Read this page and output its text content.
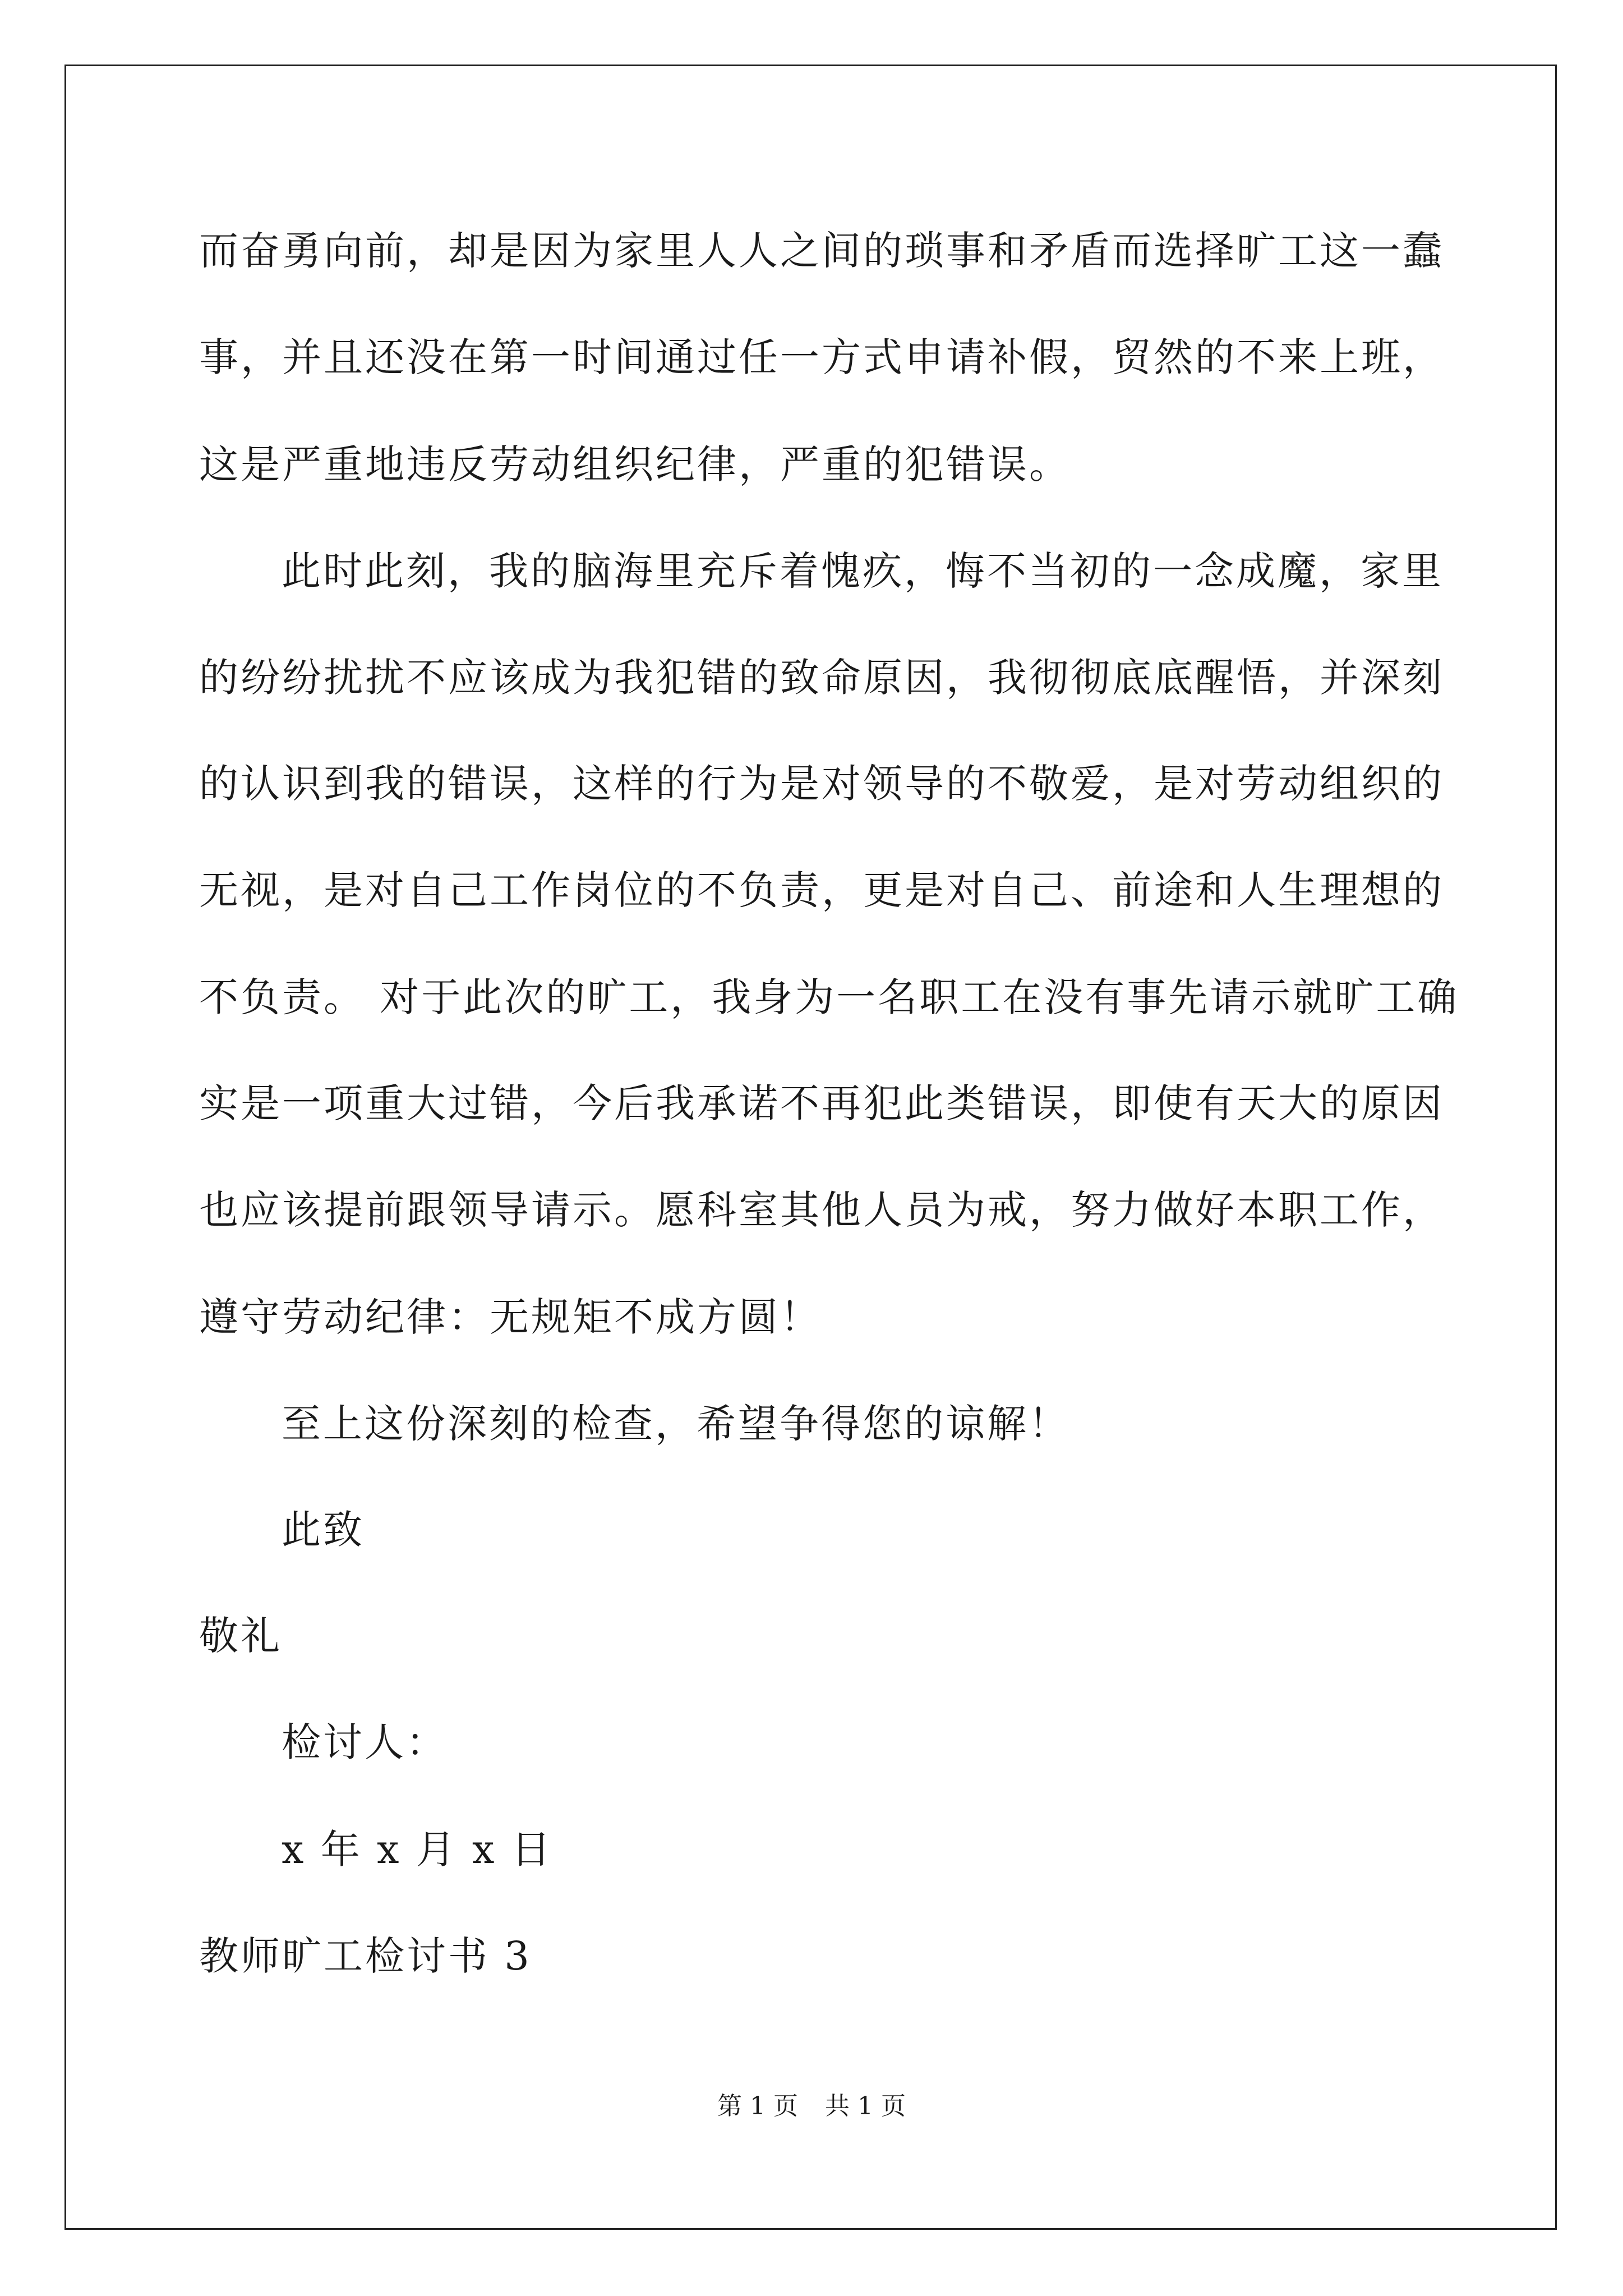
而奋勇向前，却是因为家里人人之间的琐事和矛盾而选择旷工这一蠢
事，并且还没在第一时间通过任一方式申请补假，贸然的不来上班，
这是严重地违反劳动组织纪律，严重的犯错误。
此时此刻，我的脑海里充斥着愧疚，悔不当初的一念成魔，家里
的纷纷扰扰不应该成为我犯错的致命原因，我彻彻底底醒悟，并深刻
的认识到我的错误，这样的行为是对领导的不敬爱，是对劳动组织的
无视，是对自己工作岗位的不负责，更是对自己、前途和人生理想的
不负责。 对于此次的旷工，我身为一名职工在没有事先请示就旷工确
实是一项重大过错，今后我承诺不再犯此类错误，即使有天大的原因
也应该提前跟领导请示。愿科室其他人员为戒，努力做好本职工作，
遵守劳动纪律：无规矩不成方圆！
至上这份深刻的检查，希望争得您的谅解！
此致
敬礼
检讨人：
x 年 x 月 x 日
教师旷工检讨书 3
第 1 页 共 1 页
